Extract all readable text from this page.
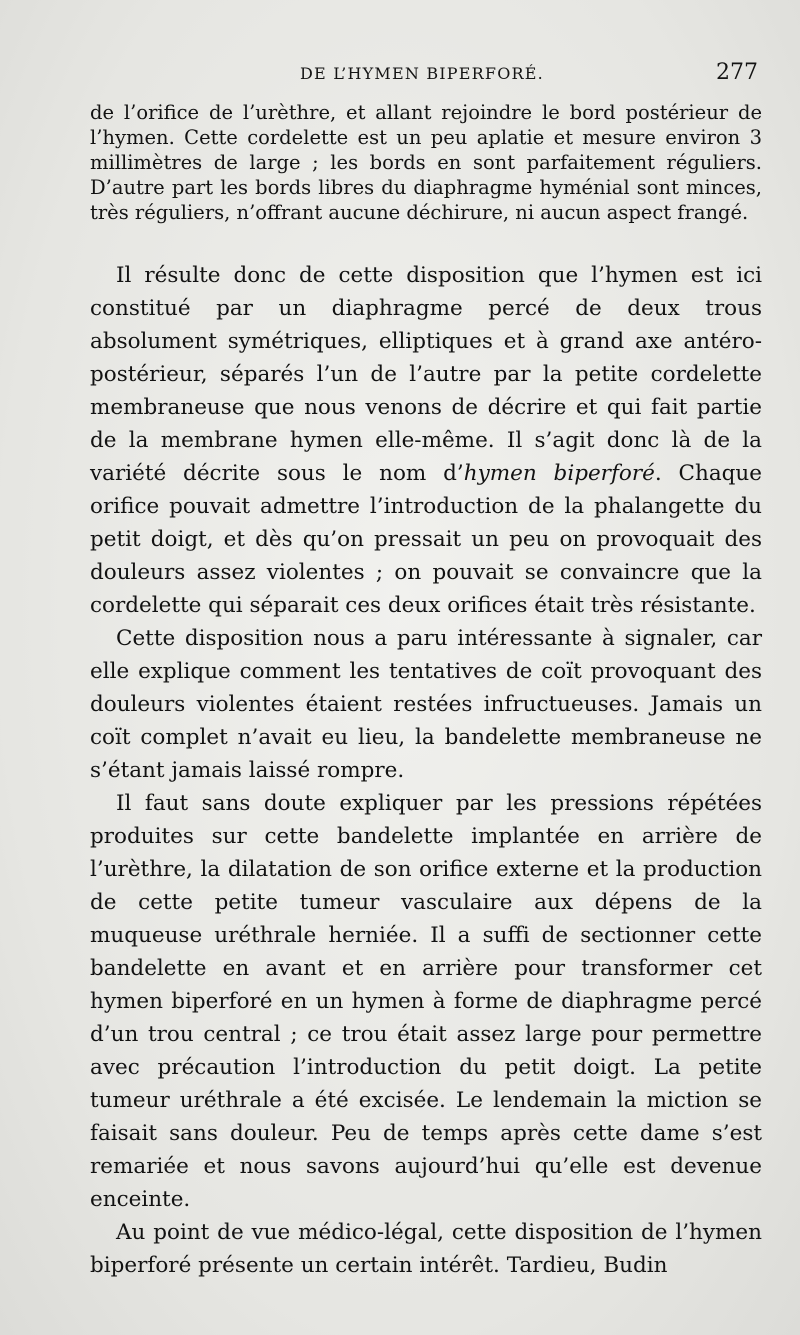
DE L’HYMEN BIPERFORÉ.	277

de l’orifice de l’urèthre, et allant rejoindre le bord postérieur de l’hymen. Cette cordelette est un peu aplatie et mesure environ 3 millimètres de large ; les bords en sont parfaitement réguliers. D’autre part les bords libres du diaphragme hyménial sont minces, très réguliers, n’offrant aucune déchirure, ni aucun aspect frangé.

Il résulte donc de cette disposition que l’hymen est ici constitué par un diaphragme percé de deux trous absolument symétriques, elliptiques et à grand axe antéro-postérieur, séparés l’un de l’autre par la petite cordelette membraneuse que nous venons de décrire et qui fait partie de la membrane hymen elle-même. Il s’agit donc là de la variété décrite sous le nom d’hymen biperforé. Chaque orifice pouvait admettre l’introduction de la phalangette du petit doigt, et dès qu’on pressait un peu on provoquait des douleurs assez violentes ; on pouvait se convaincre que la cordelette qui séparait ces deux orifices était très résistante.

Cette disposition nous a paru intéressante à signaler, car elle explique comment les tentatives de coït provoquant des douleurs violentes étaient restées infructueuses. Jamais un coït complet n’avait eu lieu, la bandelette membraneuse ne s’étant jamais laissé rompre.

Il faut sans doute expliquer par les pressions répétées produites sur cette bandelette implantée en arrière de l’urèthre, la dilatation de son orifice externe et la production de cette petite tumeur vasculaire aux dépens de la muqueuse uréthrale herniée. Il a suffi de sectionner cette bandelette en avant et en arrière pour transformer cet hymen biperforé en un hymen à forme de diaphragme percé d’un trou central ; ce trou était assez large pour permettre avec précaution l’introduction du petit doigt. La petite tumeur uréthrale a été excisée. Le lendemain la miction se faisait sans douleur. Peu de temps après cette dame s’est remariée et nous savons aujourd’hui qu’elle est devenue enceinte.

Au point de vue médico-légal, cette disposition de l’hymen biperforé présente un certain intérêt. Tardieu, Budin
